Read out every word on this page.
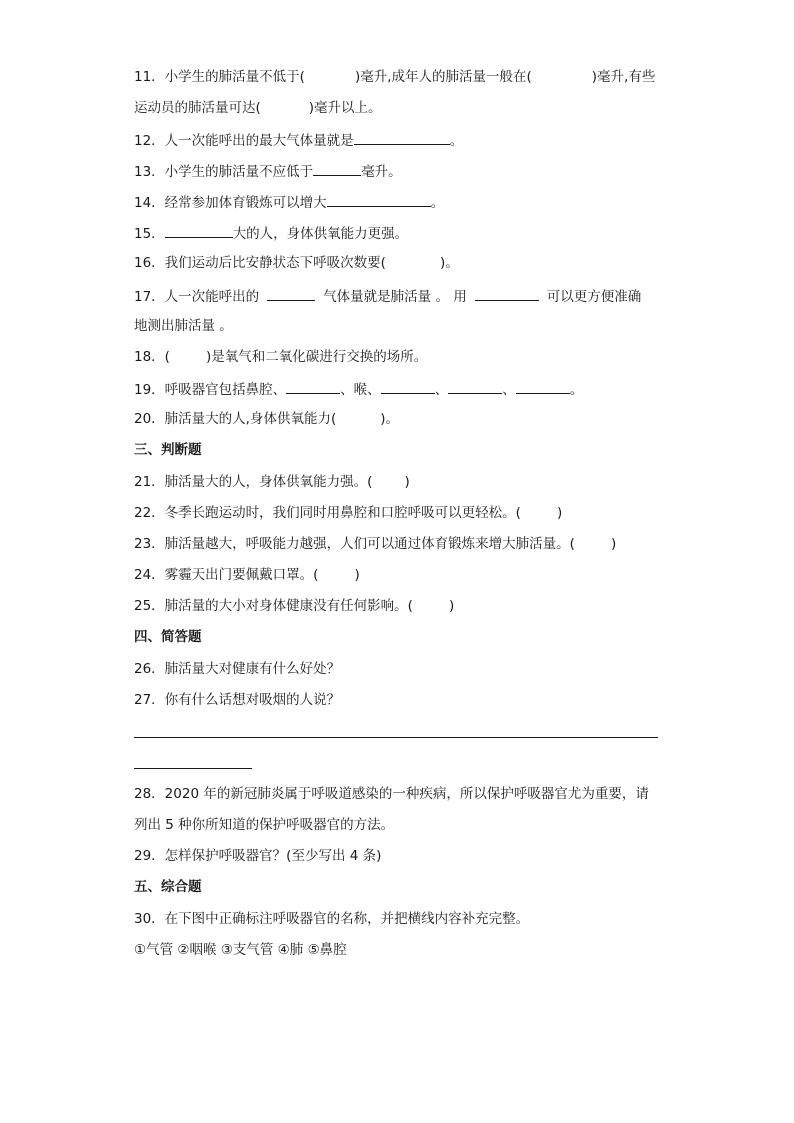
11．小学生的肺活量不低于(	)毫升,成年人的肺活量一般在(	)毫升,有些
运动员的肺活量可达(	)毫升以上。
12．人一次能呼出的最大气体量就是	。
13．小学生的肺活量不应低于	毫升。
14．经常参加体育锻炼可以增大	。
15．	大的人，身体供氧能力更强。
16．我们运动后比安静状态下呼吸次数要(	)。
17．人一次能呼出的	气体量就是肺活量 。 用	可以更方便准确
地测出肺活量 。
18．(	)是氧气和二氧化碳进行交换的场所。
19．呼吸器官包括鼻腔、	、喉、	、	、	。
20．肺活量大的人,身体供氧能力(	)。
三、判断题
21．肺活量大的人，身体供氧能力强。( )
22．冬季长跑运动时，我们同时用鼻腔和口腔呼吸可以更轻松。(	)
23．肺活量越大，呼吸能力越强，人们可以通过体育锻炼来增大肺活量。(	)
24．雾霾天出门要佩戴口罩。(	)
25．肺活量的大小对身体健康没有任何影响。(	)
四、简答题
26．肺活量大对健康有什么好处？
27．你有什么话想对吸烟的人说？
28．2020 年的新冠肺炎属于呼吸道感染的一种疾病，所以保护呼吸器官尤为重要，请
列出 5 种你所知道的保护呼吸器官的方法。
29．怎样保护呼吸器官？(至少写出 4 条)
五、综合题
30．在下图中正确标注呼吸器官的名称，并把横线内容补充完整。
①气管 ②咽喉 ③支气管 ④肺 ⑤鼻腔
